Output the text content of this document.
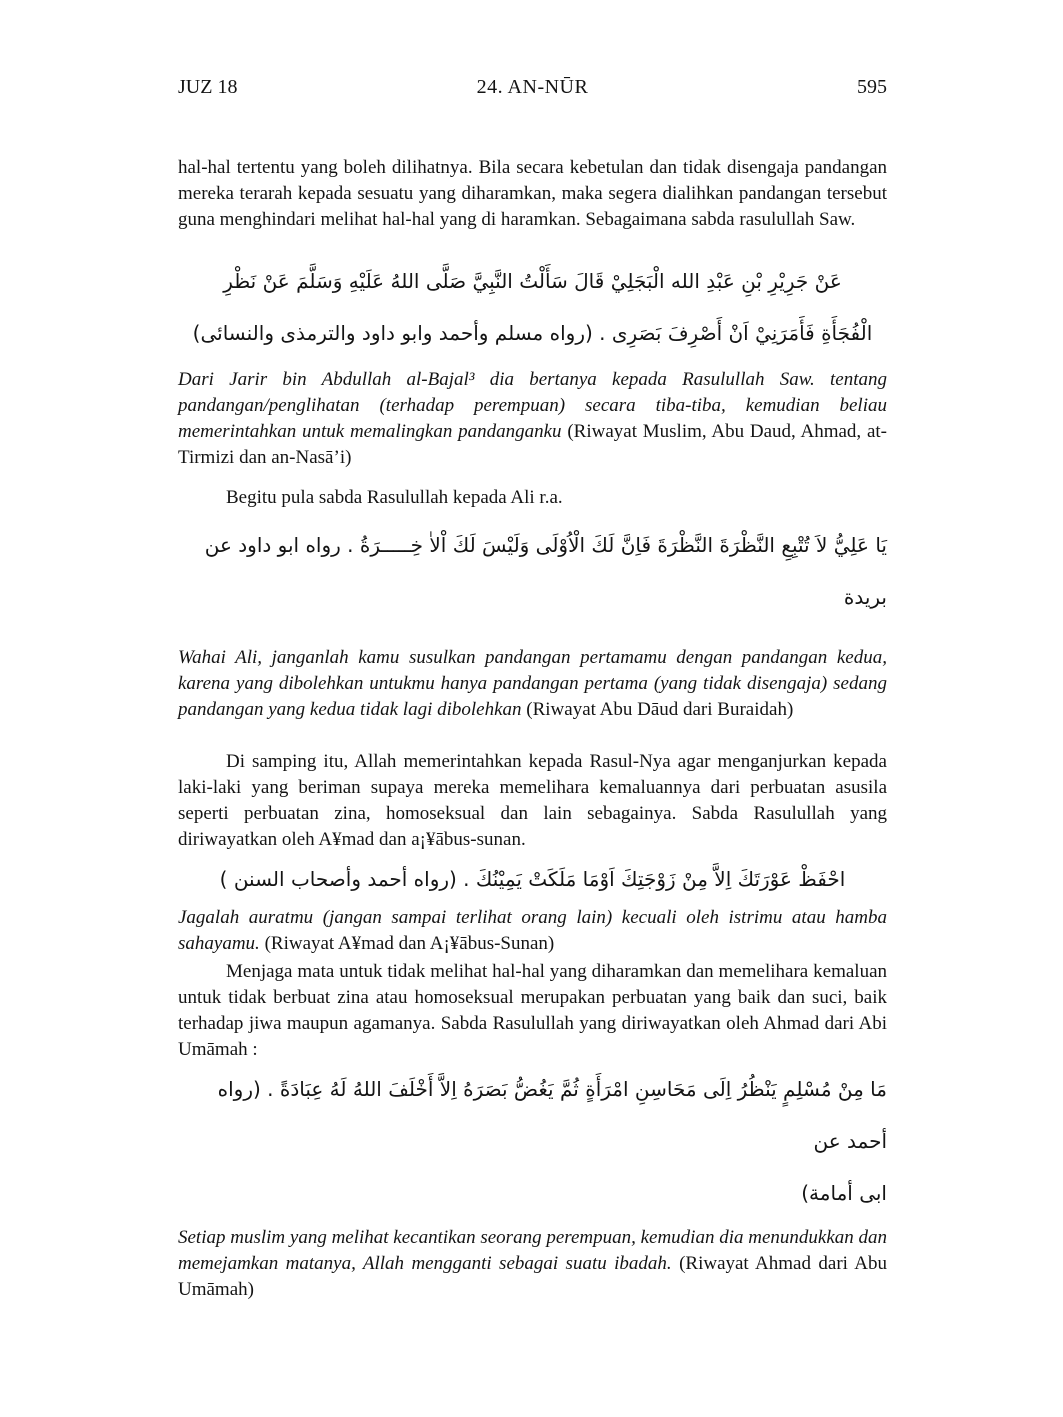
JUZ 18	24. AN-NŪR	595

hal-hal tertentu yang boleh dilihatnya. Bila secara kebetulan dan tidak disengaja pandangan mereka terarah kepada sesuatu yang diharamkan, maka segera dialihkan pandangan tersebut guna menghindari melihat hal-hal yang di haramkan. Sebagaimana sabda rasulullah Saw.

عَنْ جَرِيْرِ بْنِ عَبْدِ الله الْبَجَلِيْ قَالَ سَأَلْتُ النَّبِيَّ صَلَّى اللهُ عَلَيْهِ وَسَلَّمَ عَنْ نَظْرِ
الْفُجَأَةِ فَأَمَرَنِيْ اَنْ أَصْرِفَ بَصَرِى . (رواه مسلم وأحمد وابو داود والترمذى والنسائى)

Dari Jarir bin Abdullah al-Bajal³ dia bertanya kepada Rasulullah Saw. tentang pandangan/penglihatan (terhadap perempuan) secara tiba-tiba, kemudian beliau memerintahkan untuk memalingkan pandanganku (Riwayat Muslim, Abu Daud, Ahmad, at-Tirmizi dan an-Nasā’i)

Begitu pula sabda Rasulullah kepada Ali r.a.

يَا عَلِيُّ لاَ تُتْبِعِ النَّظْرَةَ النَّظْرَةَ فَاِنَّ لَكَ الْاُوْلَى وَلَيْسَ لَكَ اْلاٰ خِـــــرَةُ . رواه ابو داود عن بريدة

Wahai Ali, janganlah kamu susulkan pandangan pertamamu dengan pandangan kedua, karena yang dibolehkan untukmu hanya pandangan pertama (yang tidak disengaja) sedang pandangan yang kedua tidak lagi dibolehkan (Riwayat Abu Dāud dari Buraidah)

Di samping itu, Allah memerintahkan kepada Rasul-Nya agar menganjurkan kepada laki-laki yang beriman supaya mereka memelihara kemaluannya dari perbuatan asusila seperti perbuatan zina, homoseksual dan lain sebagainya. Sabda Rasulullah yang diriwayatkan oleh A¥mad dan a¡¥ābus-sunan.

احْفَظْ عَوْرَتَكَ اِلاَّ مِنْ زَوْجَتِكَ اَوْمَا مَلَكَتْ يَمِيْنُكَ . (رواه أحمد وأصحاب السنن )

Jagalah auratmu (jangan sampai terlihat orang lain) kecuali oleh istrimu atau hamba sahayamu. (Riwayat A¥mad dan A¡¥ābus-Sunan)

Menjaga mata untuk tidak melihat hal-hal yang diharamkan dan memelihara kemaluan untuk tidak berbuat zina atau homoseksual merupakan perbuatan yang baik dan suci, baik terhadap jiwa maupun agamanya. Sabda Rasulullah yang diriwayatkan oleh Ahmad dari Abi Umāmah :

مَا مِنْ مُسْلِمٍ يَنْظُرُ اِلَى مَحَاسِنِ امْرَأَةٍ ثُمَّ يَغُضُّ بَصَرَهُ اِلاَّ أَخْلَفَ اللهُ لَهُ عِبَادَةً . (رواه أحمد عن
ابى أمامة)

Setiap muslim yang melihat kecantikan seorang perempuan, kemudian dia menundukkan dan memejamkan matanya, Allah mengganti sebagai suatu ibadah. (Riwayat Ahmad dari Abu Umāmah)
